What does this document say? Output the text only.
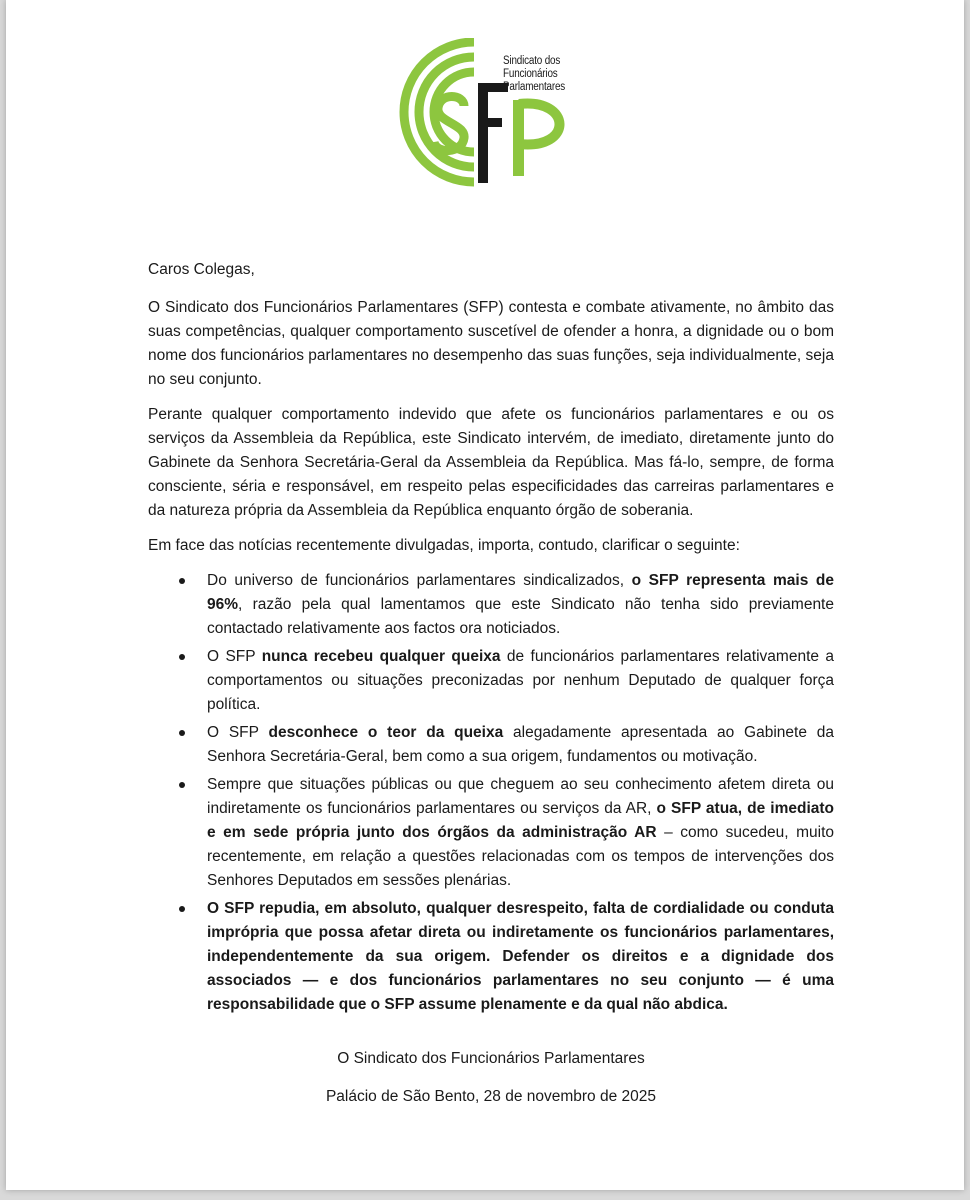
Sindicato dos
Funcionários
Parlamentares

Caros Colegas,

O Sindicato dos Funcionários Parlamentares (SFP) contesta e combate ativamente, no âmbito das suas competências, qualquer comportamento suscetível de ofender a honra, a dignidade ou o bom nome dos funcionários parlamentares no desempenho das suas funções, seja individualmente, seja no seu conjunto.

Perante qualquer comportamento indevido que afete os funcionários parlamentares e ou os serviços da Assembleia da República, este Sindicato intervém, de imediato, diretamente junto do Gabinete da Senhora Secretária-Geral da Assembleia da República. Mas fá-lo, sempre, de forma consciente, séria e responsável, em respeito pelas especificidades das carreiras parlamentares e da natureza própria da Assembleia da República enquanto órgão de soberania.

Em face das notícias recentemente divulgadas, importa, contudo, clarificar o seguinte:

Do universo de funcionários parlamentares sindicalizados, o SFP representa mais de 96%, razão pela qual lamentamos que este Sindicato não tenha sido previamente contactado relativamente aos factos ora noticiados.
O SFP nunca recebeu qualquer queixa de funcionários parlamentares relativamente a comportamentos ou situações preconizadas por nenhum Deputado de qualquer força política.
O SFP desconhece o teor da queixa alegadamente apresentada ao Gabinete da Senhora Secretária-Geral, bem como a sua origem, fundamentos ou motivação.
Sempre que situações públicas ou que cheguem ao seu conhecimento afetem direta ou indiretamente os funcionários parlamentares ou serviços da AR, o SFP atua, de imediato e em sede própria junto dos órgãos da administração AR – como sucedeu, muito recentemente, em relação a questões relacionadas com os tempos de intervenções dos Senhores Deputados em sessões plenárias.
O SFP repudia, em absoluto, qualquer desrespeito, falta de cordialidade ou conduta imprópria que possa afetar direta ou indiretamente os funcionários parlamentares, independentemente da sua origem. Defender os direitos e a dignidade dos associados — e dos funcionários parlamentares no seu conjunto — é uma responsabilidade que o SFP assume plenamente e da qual não abdica.
O Sindicato dos Funcionários Parlamentares
Palácio de São Bento, 28 de novembro de 2025
